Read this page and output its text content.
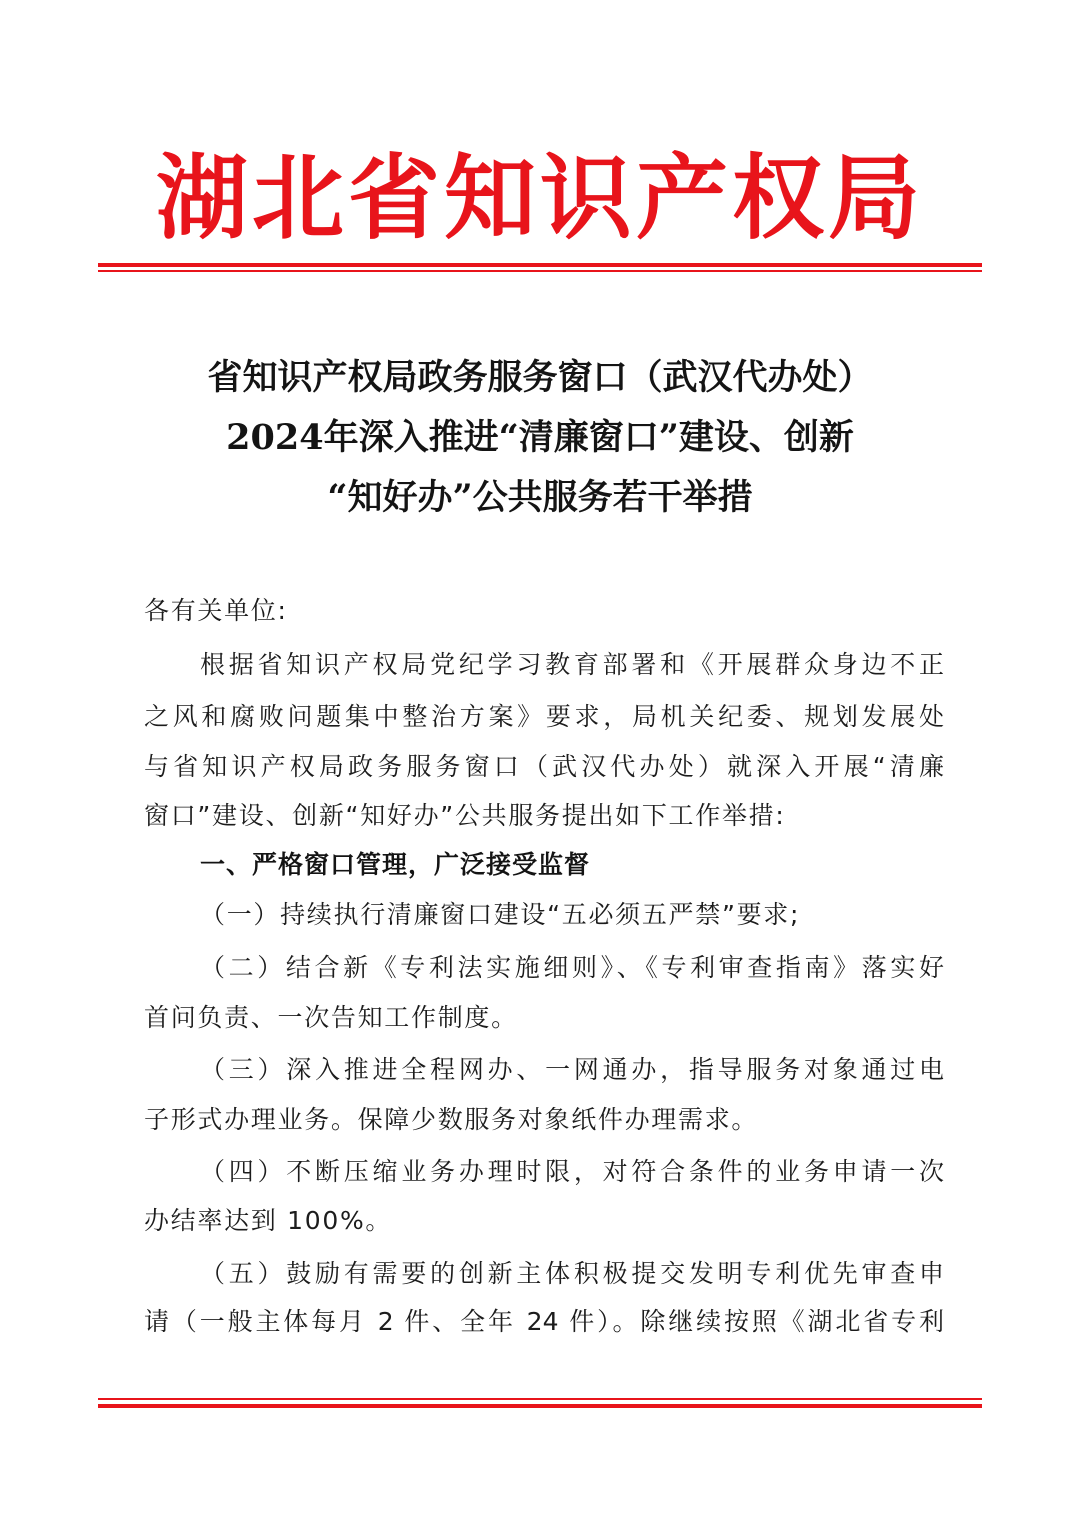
湖北省知识产权局
省知识产权局政务服务窗口（武汉代办处）
2024年深入推进“清廉窗口”建设、创新
“知好办”公共服务若干举措
各有关单位:
根据省知识产权局党纪学习教育部署和《开展群众身边不正
之风和腐败问题集中整治方案》要求，局机关纪委、规划发展处
与省知识产权局政务服务窗口（武汉代办处）就深入开展“清廉
窗口”建设、创新“知好办”公共服务提出如下工作举措:
一、严格窗口管理，广泛接受监督
（一）持续执行清廉窗口建设“五必须五严禁”要求;
（二）结合新《专利法实施细则》、《专利审查指南》落实好
首问负责、一次告知工作制度。
（三）深入推进全程网办、一网通办，指导服务对象通过电
子形式办理业务。保障少数服务对象纸件办理需求。
（四）不断压缩业务办理时限，对符合条件的业务申请一次
办结率达到 100%。
（五）鼓励有需要的创新主体积极提交发明专利优先审查申
请（一般主体每月 2 件、全年 24 件）。除继续按照《湖北省专利
